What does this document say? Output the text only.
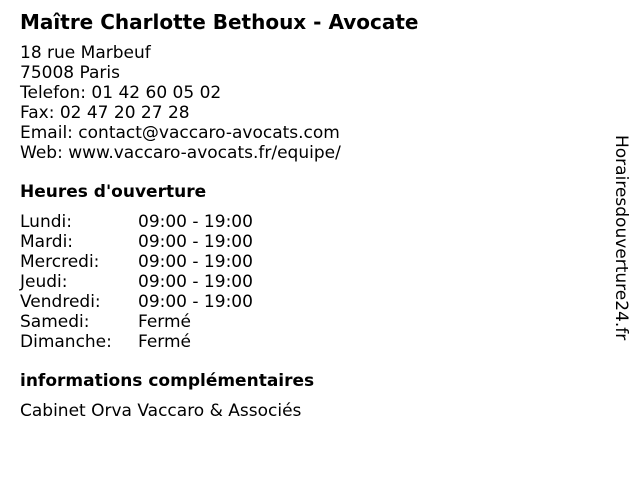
Maître Charlotte Bethoux - Avocate
18 rue Marbeuf
75008 Paris
Telefon: 01 42 60 05 02
Fax: 02 47 20 27 28
Email: contact@vaccaro-avocats.com
Web: www.vaccaro-avocats.fr/equipe/
Heures d'ouverture
Lundi:	09:00 - 19:00
Mardi:	09:00 - 19:00
Mercredi:	09:00 - 19:00
Jeudi:	09:00 - 19:00
Vendredi:	09:00 - 19:00
Samedi:	Fermé
Dimanche:	Fermé
informations complémentaires
Cabinet Orva Vaccaro & Associés
Horairesdouverture24.fr
